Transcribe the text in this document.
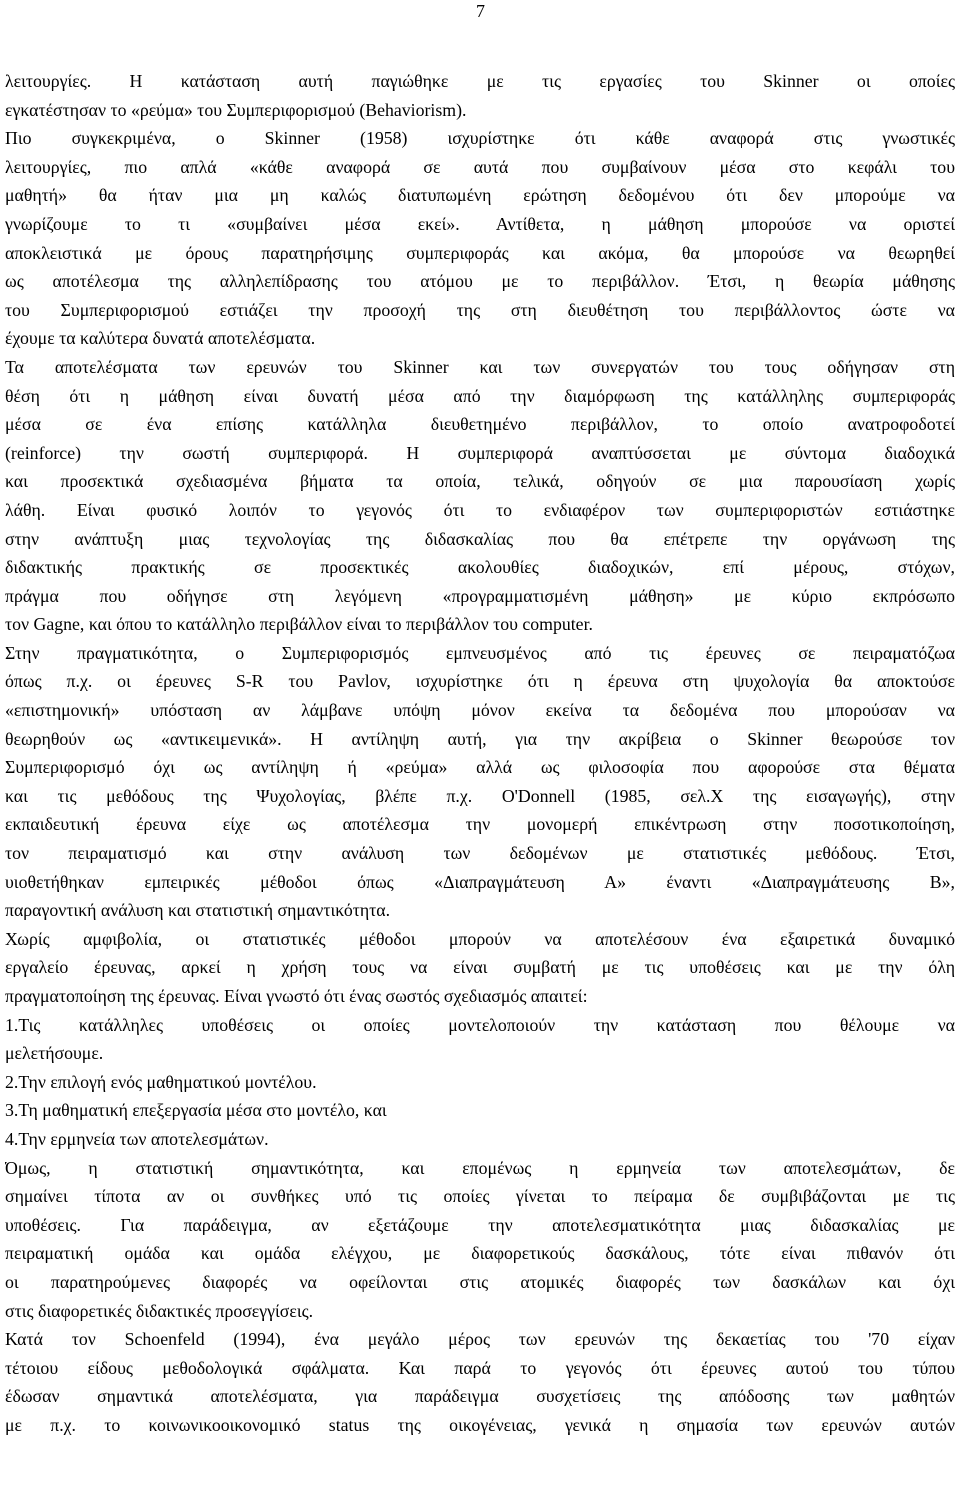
7
λειτουργίες. Η κατάσταση αυτή παγιώθηκε με τις εργασίες του Skinner οι οποίες
εγκατέστησαν το «ρεύμα» του Συμπεριφορισμού (Behaviorism).
Πιο συγκεκριμένα, ο Skinner (1958) ισχυρίστηκε ότι κάθε αναφορά στις γνωστικές
λειτουργίες, πιο απλά «κάθε αναφορά σε αυτά που συμβαίνουν μέσα στο κεφάλι του
μαθητή» θα ήταν μια μη καλώς διατυπωμένη ερώτηση δεδομένου ότι δεν μπορούμε να
γνωρίζουμε το τι «συμβαίνει μέσα εκεί». Αντίθετα, η μάθηση μπορούσε να οριστεί
αποκλειστικά με όρους παρατηρήσιμης συμπεριφοράς και ακόμα, θα μπορούσε να θεωρηθεί
ως αποτέλεσμα της αλληλεπίδρασης του ατόμου με το περιβάλλον. Έτσι, η θεωρία μάθησης
του Συμπεριφορισμού εστιάζει την προσοχή της στη διευθέτηση του περιβάλλοντος ώστε να
έχουμε τα καλύτερα δυνατά αποτελέσματα.
Τα αποτελέσματα των ερευνών του Skinner και των συνεργατών του τους οδήγησαν στη
θέση ότι η μάθηση είναι δυνατή μέσα από την διαμόρφωση της κατάλληλης συμπεριφοράς
μέσα σε ένα επίσης κατάλληλα διευθετημένο περιβάλλον, το οποίο ανατροφοδοτεί
(reinforce) την σωστή συμπεριφορά. Η συμπεριφορά αναπτύσσεται με σύντομα διαδοχικά
και προσεκτικά σχεδιασμένα βήματα τα οποία, τελικά, οδηγούν σε μια παρουσίαση χωρίς
λάθη. Είναι φυσικό λοιπόν το γεγονός ότι το ενδιαφέρον των συμπεριφοριστών εστιάστηκε
στην ανάπτυξη μιας τεχνολογίας της διδασκαλίας που θα επέτρεπε την οργάνωση της
διδακτικής πρακτικής σε προσεκτικές ακολουθίες διαδοχικών, επί μέρους, στόχων,
πράγμα που οδήγησε στη λεγόμενη «προγραμματισμένη μάθηση» με κύριο εκπρόσωπο
τον Gagne, και όπου το κατάλληλο περιβάλλον είναι το περιβάλλον του computer.
Στην πραγματικότητα, ο Συμπεριφορισμός εμπνευσμένος από τις έρευνες σε πειραματόζωα
όπως π.χ. οι έρευνες S-R του Pavlov, ισχυρίστηκε ότι η έρευνα στη ψυχολογία θα αποκτούσε
«επιστημονική» υπόσταση αν λάμβανε υπόψη μόνον εκείνα τα δεδομένα που μπορούσαν να
θεωρηθούν ως «αντικειμενικά». Η αντίληψη αυτή, για την ακρίβεια ο Skinner θεωρούσε τον
Συμπεριφορισμό όχι ως αντίληψη ή «ρεύμα» αλλά ως φιλοσοφία που αφορούσε στα θέματα
και τις μεθόδους της Ψυχολογίας, βλέπε π.χ. O'Donnell (1985, σελ.Χ της εισαγωγής), στην
εκπαιδευτική έρευνα είχε ως αποτέλεσμα την μονομερή επικέντρωση στην ποσοτικοποίηση,
τον πειραματισμό και στην ανάλυση των δεδομένων με στατιστικές μεθόδους. Έτσι,
υιοθετήθηκαν εμπειρικές μέθοδοι όπως «Διαπραγμάτευση Α» έναντι «Διαπραγμάτευσης Β»,
παραγοντική ανάλυση και στατιστική σημαντικότητα.
Χωρίς αμφιβολία, οι στατιστικές μέθοδοι μπορούν να αποτελέσουν ένα εξαιρετικά δυναμικό
εργαλείο έρευνας, αρκεί η χρήση τους να είναι συμβατή με τις υποθέσεις και με την όλη
πραγματοποίηση της έρευνας. Είναι γνωστό ότι ένας σωστός σχεδιασμός απαιτεί:
1.Τις κατάλληλες υποθέσεις οι οποίες μοντελοποιούν την κατάσταση που θέλουμε να
μελετήσουμε.
2.Την επιλογή ενός μαθηματικού μοντέλου.
3.Τη μαθηματική επεξεργασία μέσα στο μοντέλο, και
4.Την ερμηνεία των αποτελεσμάτων.
Όμως, η στατιστική σημαντικότητα, και επομένως η ερμηνεία των αποτελεσμάτων, δε
σημαίνει τίποτα αν οι συνθήκες υπό τις οποίες γίνεται το πείραμα δε συμβιβάζονται με τις
υποθέσεις. Για παράδειγμα, αν εξετάζουμε την αποτελεσματικότητα μιας διδασκαλίας με
πειραματική ομάδα και ομάδα ελέγχου, με διαφορετικούς δασκάλους, τότε είναι πιθανόν ότι
οι παρατηρούμενες διαφορές να οφείλονται στις ατομικές διαφορές των δασκάλων και όχι
στις διαφορετικές διδακτικές προσεγγίσεις.
Κατά τον Schoenfeld (1994), ένα μεγάλο μέρος των ερευνών της δεκαετίας του '70 είχαν
τέτοιου είδους μεθοδολογικά σφάλματα. Και παρά το γεγονός ότι έρευνες αυτού του τύπου
έδωσαν σημαντικά αποτελέσματα, για παράδειγμα συσχετίσεις της απόδοσης των μαθητών
με π.χ. το κοινωνικοοικονομικό status της οικογένειας, γενικά η σημασία των ερευνών αυτών
